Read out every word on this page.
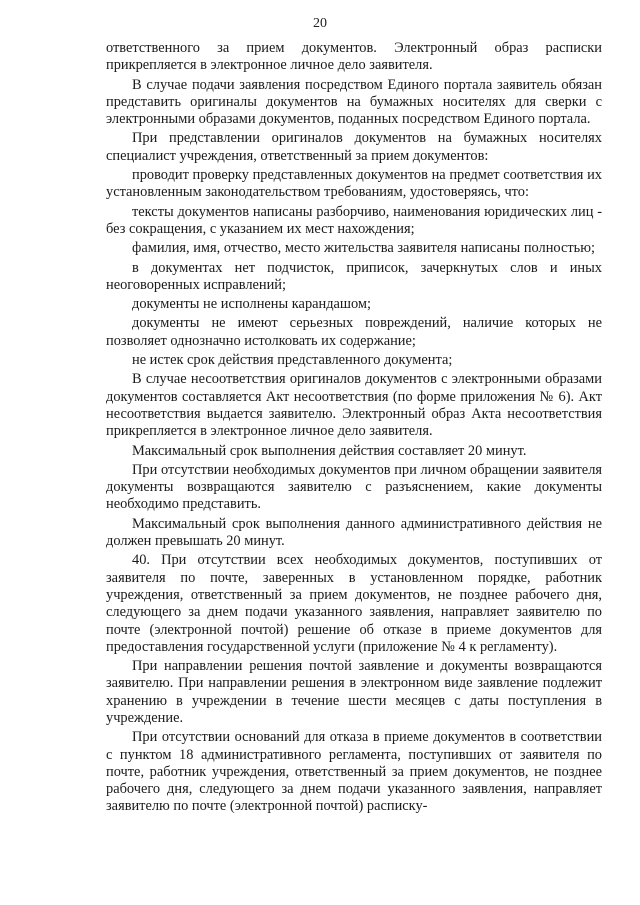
20

ответственного за прием документов. Электронный образ расписки прикрепляется в электронное личное дело заявителя.

В случае подачи заявления посредством Единого портала заявитель обязан представить оригиналы документов на бумажных носителях для сверки с электронными образами документов, поданных посредством Единого портала.

При представлении оригиналов документов на бумажных носителях специалист учреждения, ответственный за прием документов:

проводит проверку представленных документов на предмет соответствия их установленным законодательством требованиям, удостоверяясь, что:

тексты документов написаны разборчиво, наименования юридических лиц - без сокращения, с указанием их мест нахождения;

фамилия, имя, отчество, место жительства заявителя написаны полностью;

в документах нет подчисток, приписок, зачеркнутых слов и иных неоговоренных исправлений;

документы не исполнены карандашом;

документы не имеют серьезных повреждений, наличие которых не позволяет однозначно истолковать их содержание;

не истек срок действия представленного документа;

В случае несоответствия оригиналов документов с электронными образами документов составляется Акт несоответствия (по форме приложения № 6). Акт несоответствия выдается заявителю. Электронный образ Акта несоответствия прикрепляется в электронное личное дело заявителя.

Максимальный срок выполнения действия составляет 20 минут.

При отсутствии необходимых документов при личном обращении заявителя документы возвращаются заявителю с разъяснением, какие документы необходимо представить.

Максимальный срок выполнения данного административного действия не должен превышать 20 минут.

40. При отсутствии всех необходимых документов, поступивших от заявителя по почте, заверенных в установленном порядке, работник учреждения, ответственный за прием документов, не позднее рабочего дня, следующего за днем подачи указанного заявления, направляет заявителю по почте (электронной почтой) решение об отказе в приеме документов для предоставления государственной услуги (приложение № 4 к регламенту).

При направлении решения почтой заявление и документы возвращаются заявителю. При направлении решения в электронном виде заявление подлежит хранению в учреждении в течение шести месяцев с даты поступления в учреждение.

При отсутствии оснований для отказа в приеме документов в соответствии с пунктом 18 административного регламента, поступивших от заявителя по почте, работник учреждения, ответственный за прием документов, не позднее рабочего дня, следующего за днем подачи указанного заявления, направляет заявителю по почте (электронной почтой) расписку-
